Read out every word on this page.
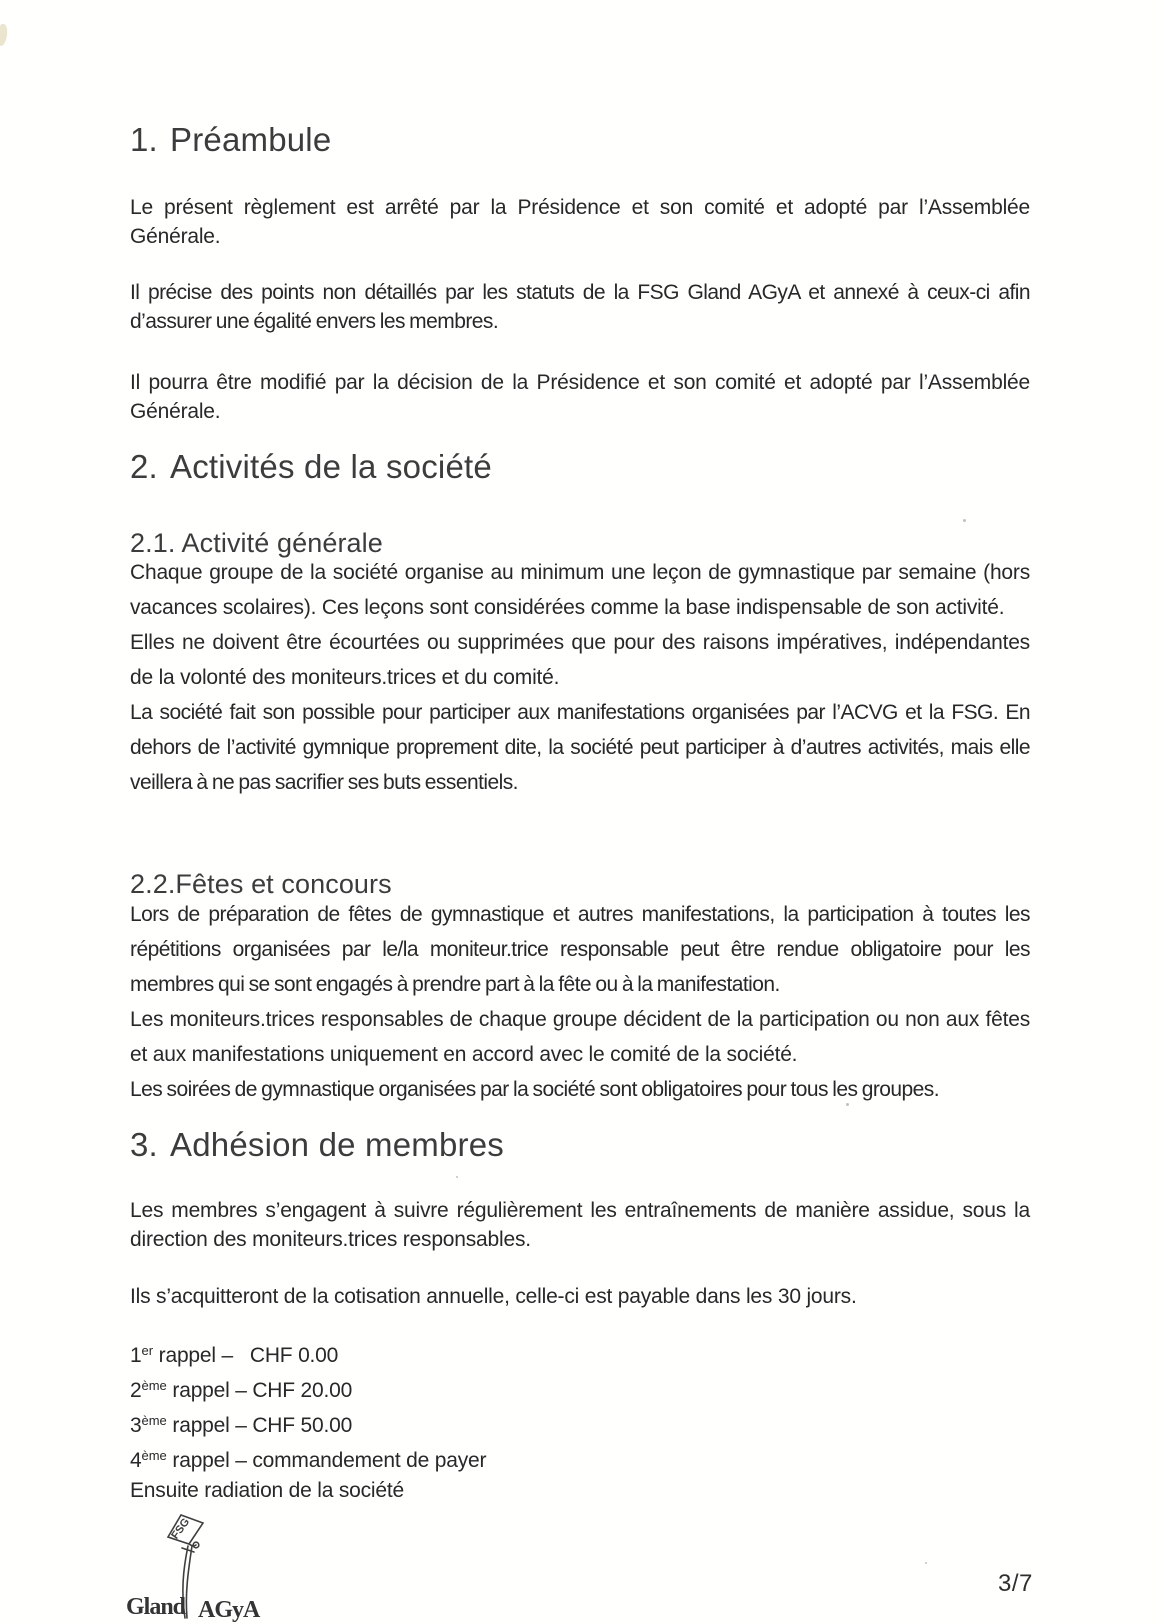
1. Préambule

Le présent règlement est arrêté par la Présidence et son comité et adopté par l’Assemblée Générale.

Il précise des points non détaillés par les statuts de la FSG Gland AGyA et annexé à ceux-ci afin d’assurer une égalité envers les membres.

Il pourra être modifié par la décision de la Présidence et son comité et adopté par l’Assemblée Générale.

2. Activités de la société
2.1. Activité générale

Chaque groupe de la société organise au minimum une leçon de gymnastique par semaine (hors vacances scolaires). Ces leçons sont considérées comme la base indispensable de son activité.

Elles ne doivent être écourtées ou supprimées que pour des raisons impératives, indépendantes de la volonté des moniteurs.trices et du comité.

La société fait son possible pour participer aux manifestations organisées par l’ACVG et la FSG. En dehors de l’activité gymnique proprement dite, la société peut participer à d’autres activités, mais elle veillera à ne pas sacrifier ses buts essentiels.

2.2.Fêtes et concours

Lors de préparation de fêtes de gymnastique et autres manifestations, la participation à toutes les répétitions organisées par le/la moniteur.trice responsable peut être rendue obligatoire pour les membres qui se sont engagés à prendre part à la fête ou à la manifestation.

Les moniteurs.trices responsables de chaque groupe décident de la participation ou non aux fêtes et aux manifestations uniquement en accord avec le comité de la société.

Les soirées de gymnastique organisées par la société sont obligatoires pour tous les groupes.

3. Adhésion de membres

Les membres s’engagent à suivre régulièrement les entraînements de manière assidue, sous la direction des moniteurs.trices responsables.

Ils s’acquitteront de la cotisation annuelle, celle-ci est payable dans les 30 jours.

1er rappel –   CHF 0.00
2ème rappel – CHF 20.00
3ème rappel – CHF 50.00
4ème rappel – commandement de payer
Ensuite radiation de la société
FSG
Gland AGyA
3/7
